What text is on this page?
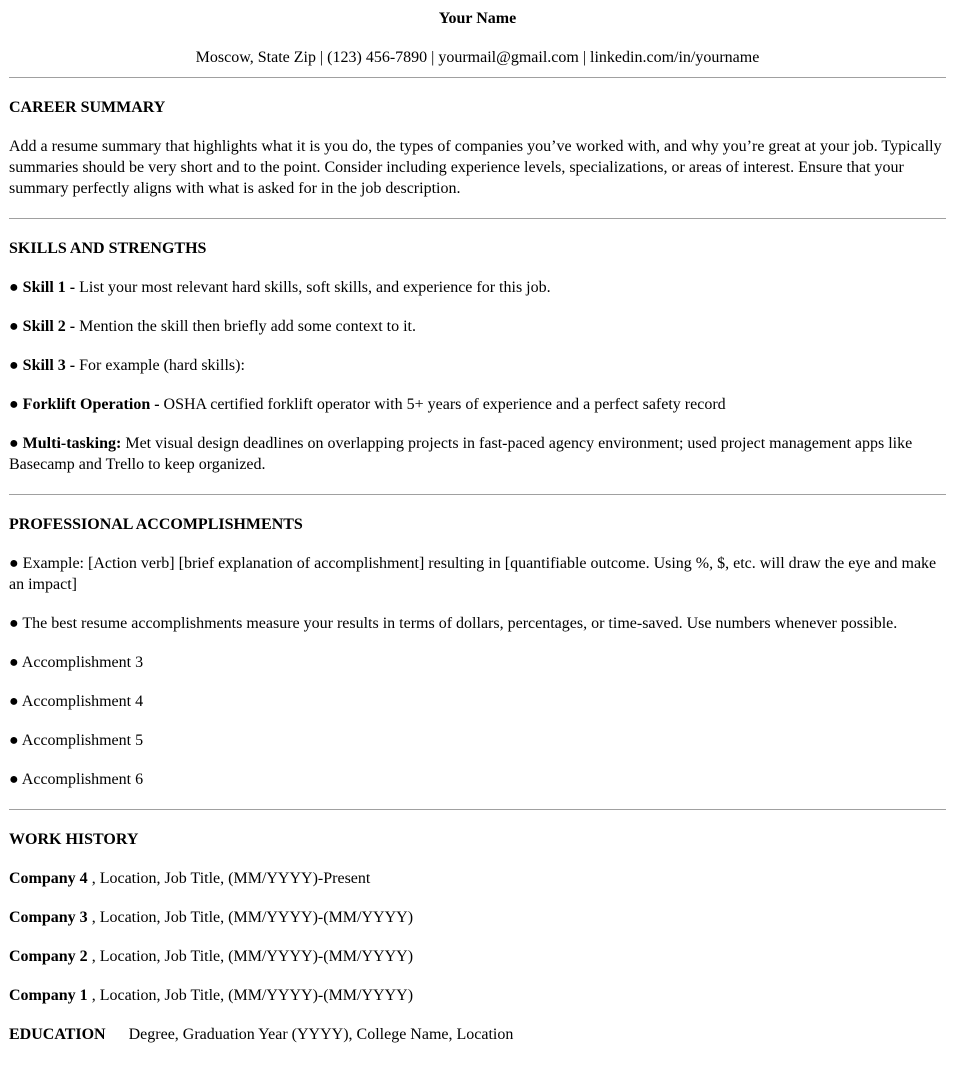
Your Name
Moscow, State Zip | (123) 456-7890 | yourmail@gmail.com | linkedin.com/in/yourname
CAREER SUMMARY
Add a resume summary that highlights what it is you do, the types of companies you’ve worked with, and why you’re great at your job. Typically summaries should be very short and to the point. Consider including experience levels, specializations, or areas of interest. Ensure that your summary perfectly aligns with what is asked for in the job description.
SKILLS AND STRENGTHS
● Skill 1 - List your most relevant hard skills, soft skills, and experience for this job.
● Skill 2 - Mention the skill then briefly add some context to it.
● Skill 3 - For example (hard skills):
● Forklift Operation - OSHA certified forklift operator with 5+ years of experience and a perfect safety record
● Multi-tasking: Met visual design deadlines on overlapping projects in fast-paced agency environment; used project management apps like Basecamp and Trello to keep organized.
PROFESSIONAL ACCOMPLISHMENTS
● Example: [Action verb] [brief explanation of accomplishment] resulting in [quantifiable outcome. Using %, $, etc. will draw the eye and make an impact]
● The best resume accomplishments measure your results in terms of dollars, percentages, or time-saved. Use numbers whenever possible.
● Accomplishment 3
● Accomplishment 4
● Accomplishment 5
● Accomplishment 6
WORK HISTORY
Company 4 , Location, Job Title, (MM/YYYY)-Present
Company 3 , Location, Job Title, (MM/YYYY)-(MM/YYYY)
Company 2 , Location, Job Title, (MM/YYYY)-(MM/YYYY)
Company 1 , Location, Job Title, (MM/YYYY)-(MM/YYYY)
EDUCATION Degree, Graduation Year (YYYY), College Name, Location
